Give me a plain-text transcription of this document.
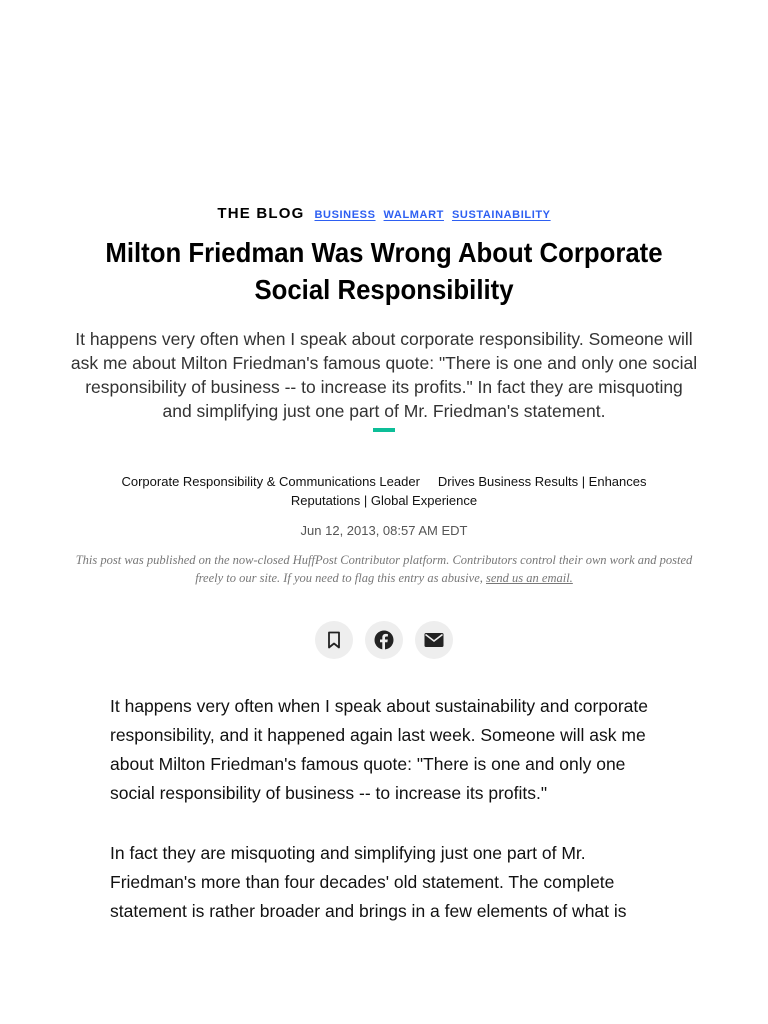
THE BLOG BUSINESS WALMART SUSTAINABILITY
Milton Friedman Was Wrong About Corporate Social Responsibility

It happens very often when I speak about corporate responsibility. Someone will ask me about Milton Friedman's famous quote: "There is one and only one social responsibility of business -- to increase its profits." In fact they are misquoting and simplifying just one part of Mr. Friedman's statement.

Corporate Responsibility & Communications Leader Drives Business Results | Enhances Reputations | Global Experience

Jun 12, 2013, 08:57 AM EDT

This post was published on the now-closed HuffPost Contributor platform. Contributors control their own work and posted freely to our site. If you need to flag this entry as abusive, send us an email.

It happens very often when I speak about sustainability and corporate responsibility, and it happened again last week. Someone will ask me about Milton Friedman's famous quote: "There is one and only one social responsibility of business -- to increase its profits."

In fact they are misquoting and simplifying just one part of Mr. Friedman's more than four decades' old statement. The complete statement is rather broader and brings in a few elements of what is
